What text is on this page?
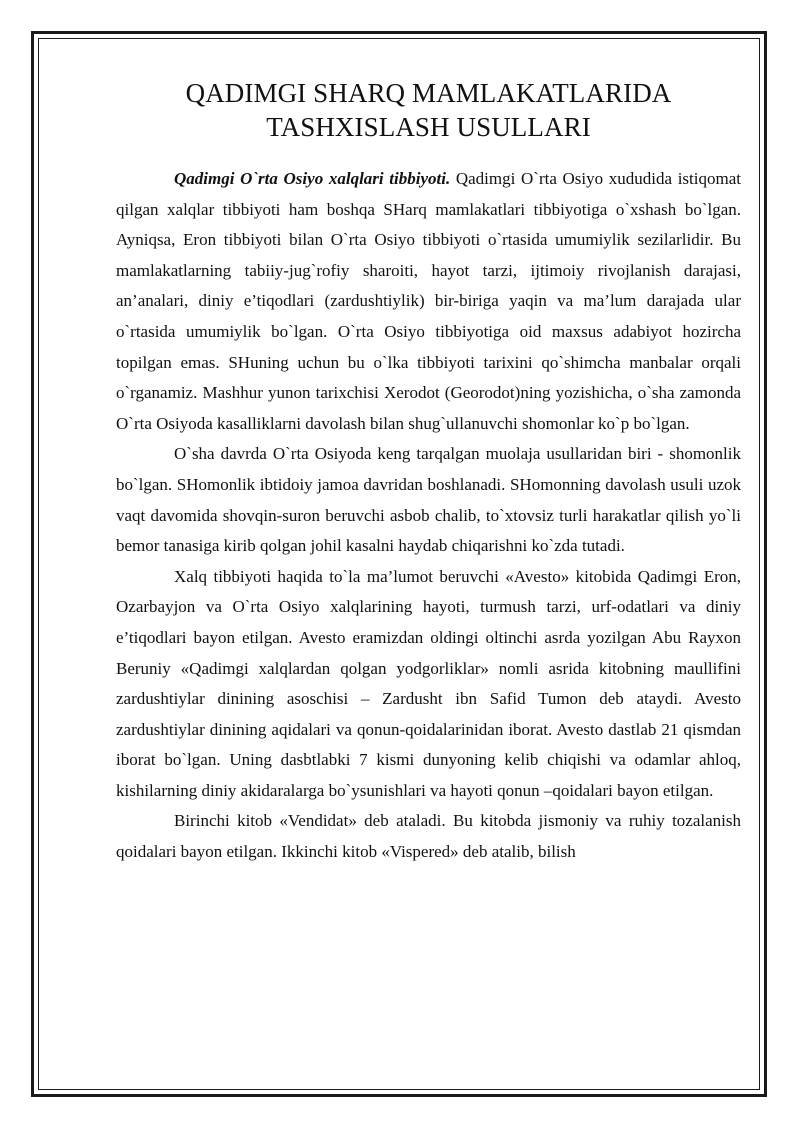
QADIMGI SHARQ MAMLAKATLARIDA
TASHXISLASH USULLARI

Qadimgi O`rta Osiyo xalqlari tibbiyoti. Qadimgi O`rta Osiyo xududida istiqomat qilgan xalqlar tibbiyoti ham boshqa SHarq mamlakatlari tibbiyotiga o`xshash bo`lgan. Ayniqsa, Eron tibbiyoti bilan O`rta Osiyo tibbiyoti o`rtasida umumiylik sezilarlidir. Bu mamlakatlarning tabiiy-jug`rofiy sharoiti, hayot tarzi, ijtimoiy rivojlanish darajasi, an’analari, diniy e’tiqodlari (zardushtiylik) bir-biriga yaqin va ma’lum darajada ular o`rtasida umumiylik bo`lgan. O`rta Osiyo tibbiyotiga oid maxsus adabiyot hozircha topilgan emas. SHuning uchun bu o`lka tibbiyoti tarixini qo`shimcha manbalar orqali o`rganamiz. Mashhur yunon tarixchisi Xerodot (Georodot)ning yozishicha, o`sha zamonda O`rta Osiyoda kasalliklarni davolash bilan shug`ullanuvchi shomonlar ko`p bo`lgan.

O`sha davrda O`rta Osiyoda keng tarqalgan muolaja usullaridan biri - shomonlik bo`lgan. SHomonlik ibtidoiy jamoa davridan boshlanadi. SHomonning davolash usuli uzok vaqt davomida shovqin-suron beruvchi asbob chalib, to`xtovsiz turli harakatlar qilish yo`li bemor tanasiga kirib qolgan johil kasalni haydab chiqarishni ko`zda tutadi.

Xalq tibbiyoti haqida to`la ma’lumot beruvchi «Avesto» kitobida Qadimgi Eron, Ozarbayjon va O`rta Osiyo xalqlarining hayoti, turmush tarzi, urf-odatlari va diniy e’tiqodlari bayon etilgan. Avesto eramizdan oldingi oltinchi asrda yozilgan Abu Rayxon Beruniy «Qadimgi xalqlardan qolgan yodgorliklar» nomli asrida kitobning maullifini zardushtiylar dinining asoschisi – Zardusht ibn Safid Tumon deb ataydi. Avesto zardushtiylar dinining aqidalari va qonun-qoidalarinidan iborat. Avesto dastlab 21 qismdan iborat bo`lgan. Uning dasbtlabki 7 kismi dunyoning kelib chiqishi va odamlar ahloq, kishilarning diniy akidaralarga bo`ysunishlari va hayoti qonun –qoidalari bayon etilgan.

Birinchi kitob «Vendidat» deb ataladi. Bu kitobda jismoniy va ruhiy tozalanish qoidalari bayon etilgan. Ikkinchi kitob «Vispered» deb atalib, bilish
